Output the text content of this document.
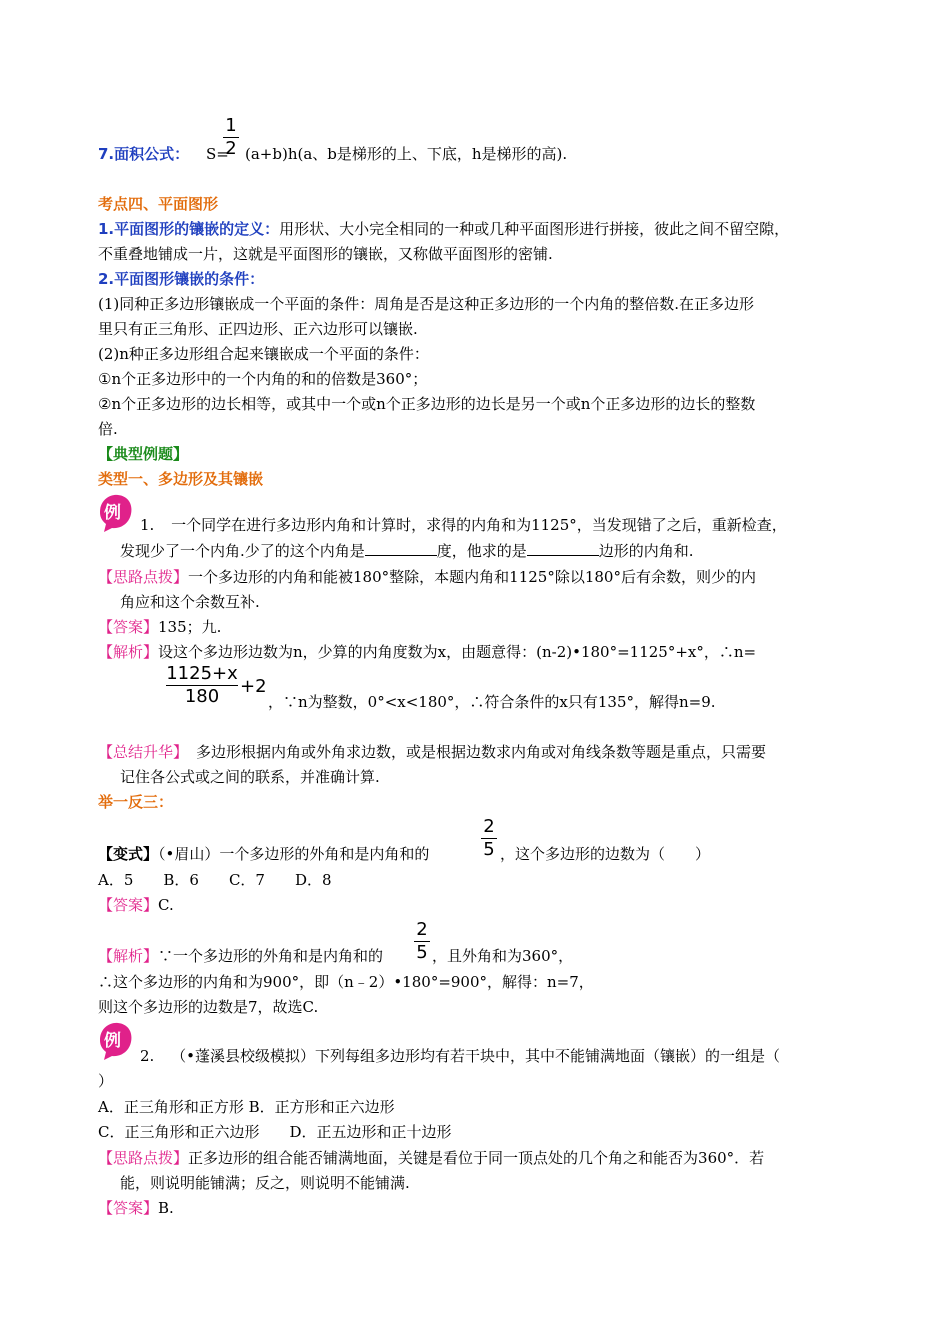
1
2
7.面积公式： S= (a+b)h(a、b是梯形的上、下底，h是梯形的高).
考点四、平面图形
1.平面图形的镶嵌的定义：用形状、大小完全相同的一种或几种平面图形进行拼接，彼此之间不留空隙，
不重叠地铺成一片，这就是平面图形的镶嵌，又称做平面图形的密铺.
2.平面图形镶嵌的条件：
(1)同种正多边形镶嵌成一个平面的条件：周角是否是这种正多边形的一个内角的整倍数.在正多边形
里只有正三角形、正四边形、正六边形可以镶嵌.
(2)n种正多边形组合起来镶嵌成一个平面的条件：
①n个正多边形中的一个内角的和的倍数是360°；
②n个正多边形的边长相等，或其中一个或n个正多边形的边长是另一个或n个正多边形的边长的整数
倍.
【典型例题】
类型一、多边形及其镶嵌
例
1. 一个同学在进行多边形内角和计算时，求得的内角和为1125°，当发现错了之后，重新检查，
发现少了一个内角.少了的这个内角是	度，他求的是	边形的内角和.
【思路点拨】一个多边形的内角和能被180°整除，本题内角和1125°除以180°后有余数，则少的内
角应和这个余数互补.
【答案】135；九.
【解析】设这个多边形边数为n，少算的内角度数为x，由题意得：(n-2)•180°=1125°+x°，∴n=
1125+x
180	+2
，∵n为整数，0°<x<180°，∴符合条件的x只有135°，解得n=9.
【总结升华】 多边形根据内角或外角求边数，或是根据边数求内角或对角线条数等题是重点，只需要
记住各公式或之间的联系，并准确计算.
举一反三：
2
5
【变式】（•眉山）一个多边形的外角和是内角和的	，这个多边形的边数为（　　）
A．5　　B．6　　C．7　　D．8
【答案】C.
2
5
【解析】∵一个多边形的外角和是内角和的	，且外角和为360°，
∴这个多边形的内角和为900°，即（n﹣2）•180°=900°，解得：n=7，
则这个多边形的边数是7，故选C.
例
2. （•蓬溪县校级模拟）下列每组多边形均有若干块中，其中不能铺满地面（镶嵌）的一组是（
）
A．正三角形和正方形 B．正方形和正六边形
C．正三角形和正六边形　　D．正五边形和正十边形
【思路点拨】正多边形的组合能否铺满地面，关键是看位于同一顶点处的几个角之和能否为360°．若
能，则说明能铺满；反之，则说明不能铺满.
【答案】B.
